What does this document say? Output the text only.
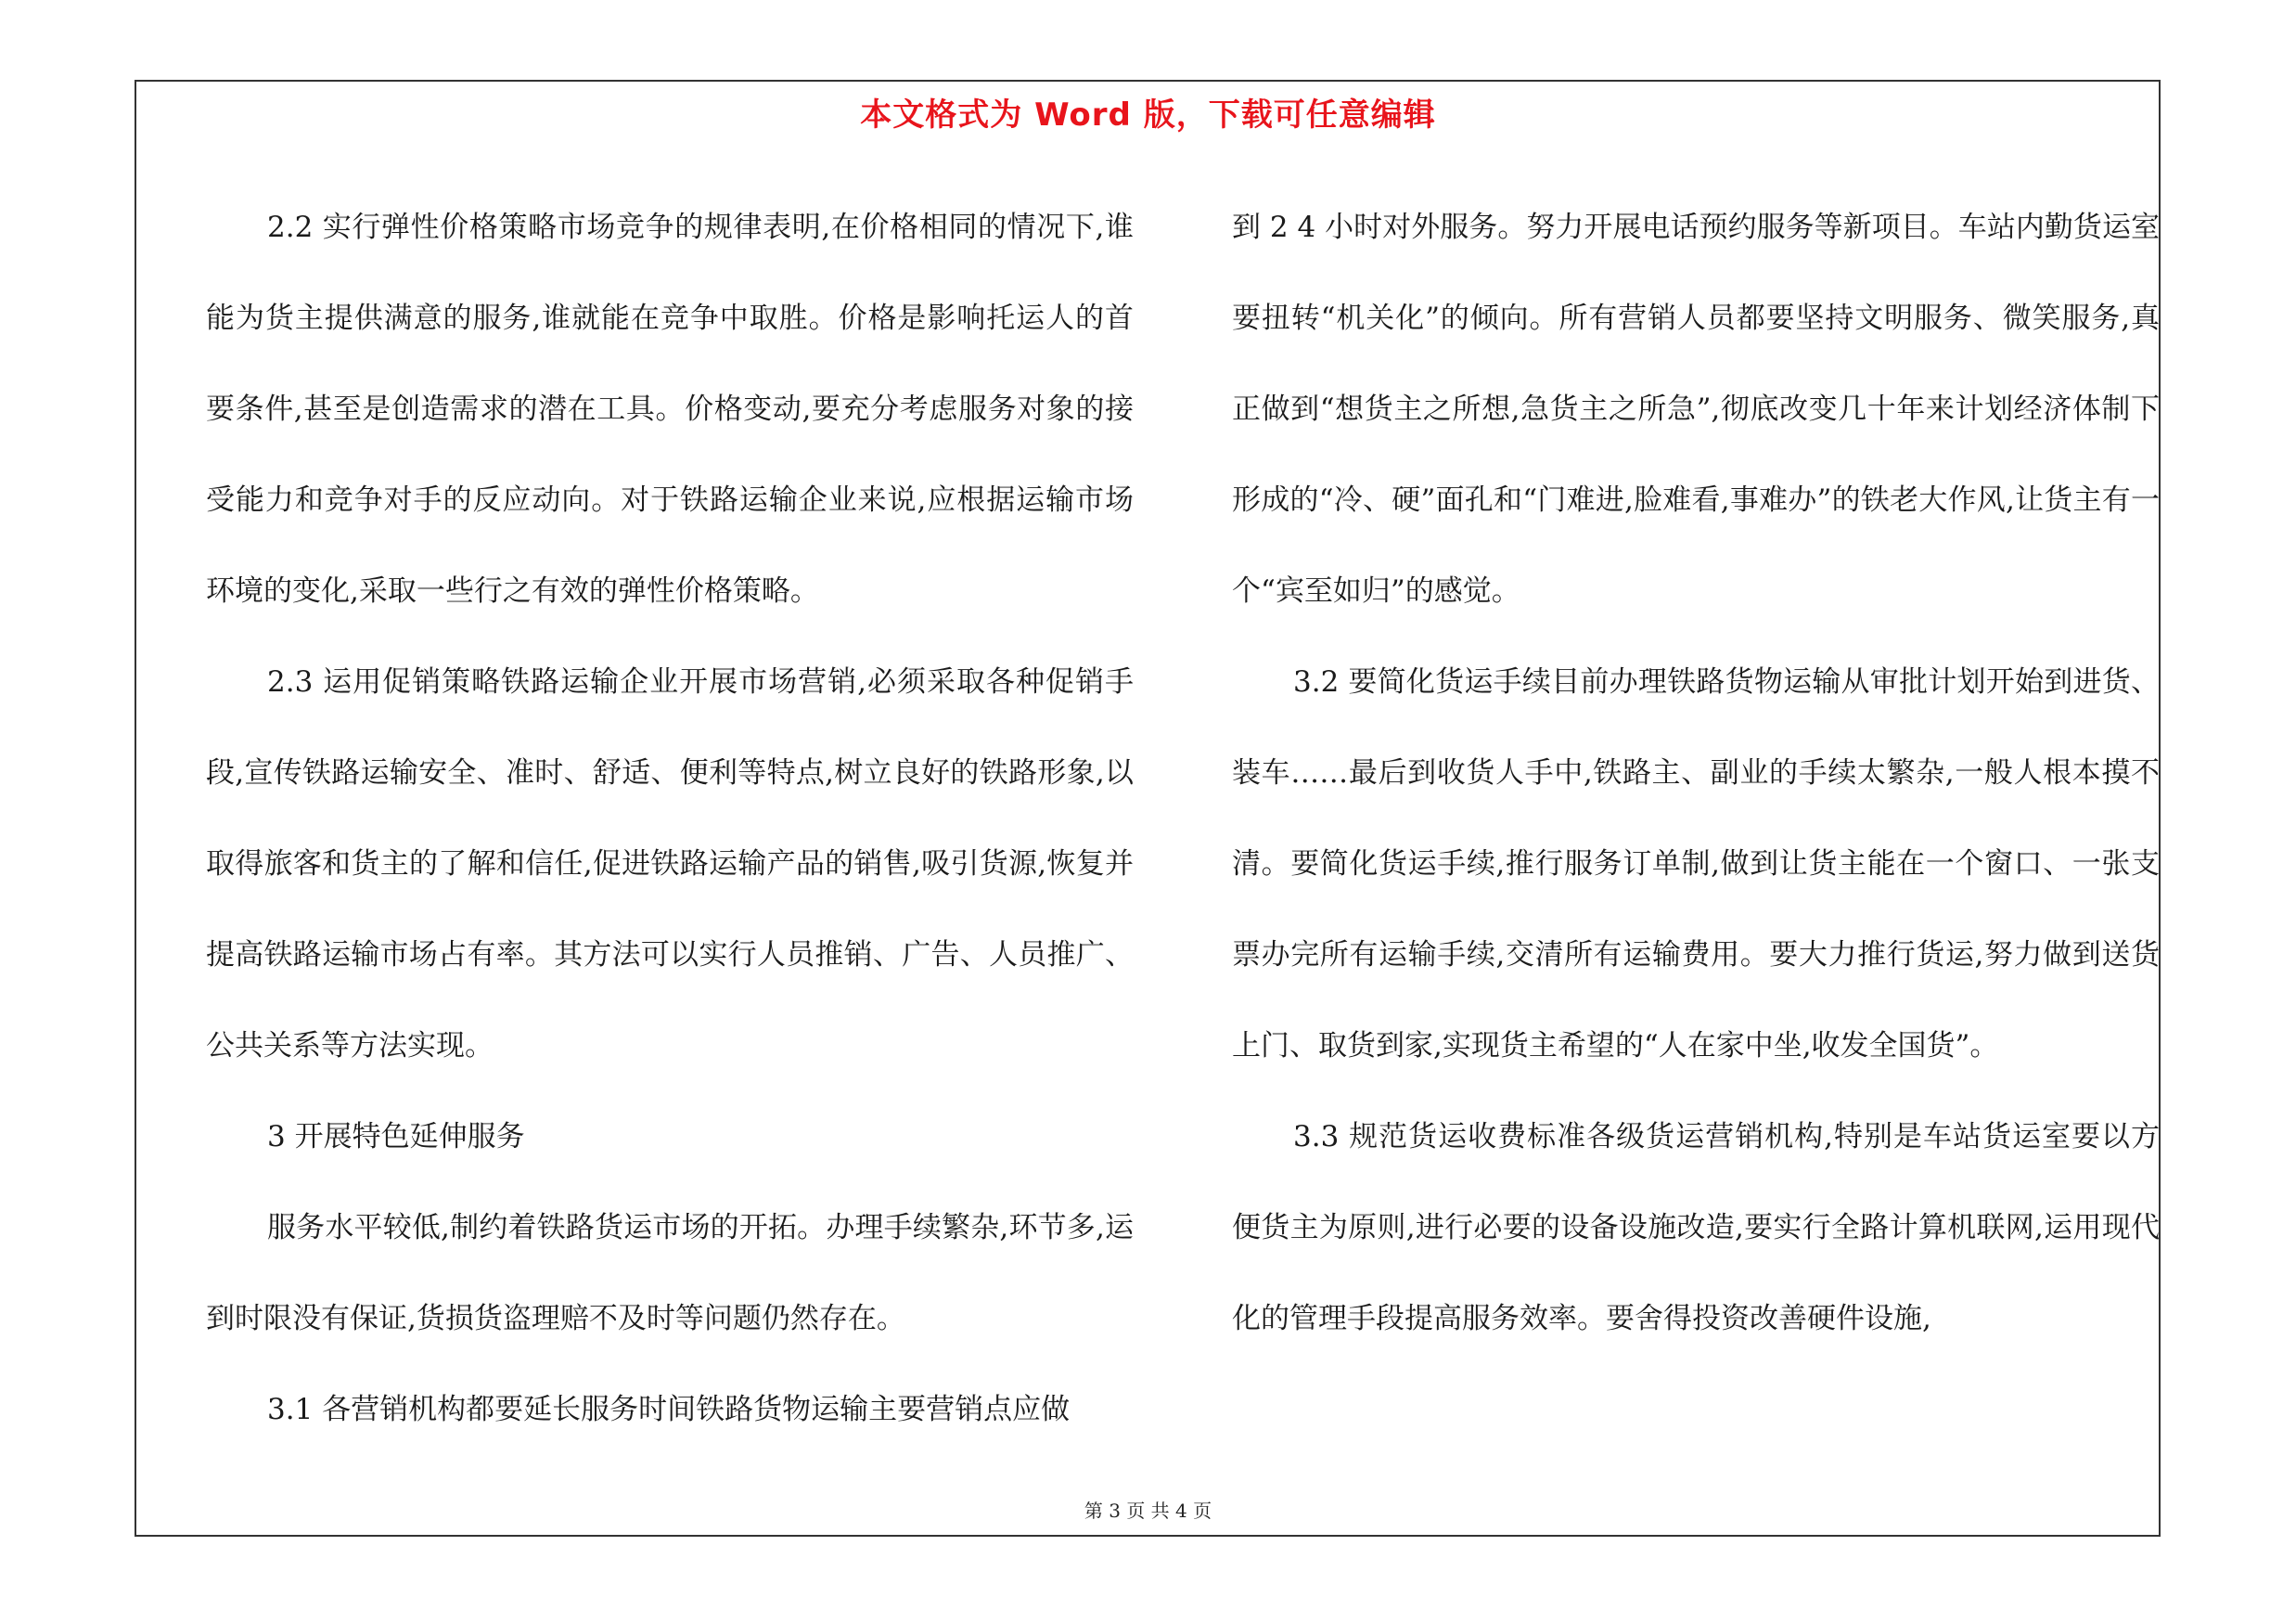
本文格式为 Word 版，下载可任意编辑

2.2 实行弹性价格策略市场竞争的规律表明,在价格相同的情况下,谁能为货主提供满意的服务,谁就能在竞争中取胜。价格是影响托运人的首要条件,甚至是创造需求的潜在工具。价格变动,要充分考虑服务对象的接受能力和竞争对手的反应动向。对于铁路运输企业来说,应根据运输市场环境的变化,采取一些行之有效的弹性价格策略。

2.3 运用促销策略铁路运输企业开展市场营销,必须采取各种促销手段,宣传铁路运输安全、准时、舒适、便利等特点,树立良好的铁路形象,以取得旅客和货主的了解和信任,促进铁路运输产品的销售,吸引货源,恢复并提高铁路运输市场占有率。其方法可以实行人员推销、广告、人员推广、公共关系等方法实现。

3 开展特色延伸服务

服务水平较低,制约着铁路货运市场的开拓。办理手续繁杂,环节多,运到时限没有保证,货损货盗理赔不及时等问题仍然存在。

3.1 各营销机构都要延长服务时间铁路货物运输主要营销点应做

到 2 4 小时对外服务。努力开展电话预约服务等新项目。车站内勤货运室要扭转“机关化”的倾向。所有营销人员都要坚持文明服务、微笑服务,真正做到“想货主之所想,急货主之所急”,彻底改变几十年来计划经济体制下形成的“冷、硬”面孔和“门难进,脸难看,事难办”的铁老大作风,让货主有一个“宾至如归”的感觉。

3.2 要简化货运手续目前办理铁路货物运输从审批计划开始到进货、装车……最后到收货人手中,铁路主、副业的手续太繁杂,一般人根本摸不清。要简化货运手续,推行服务订单制,做到让货主能在一个窗口、一张支票办完所有运输手续,交清所有运输费用。要大力推行货运,努力做到送货上门、取货到家,实现货主希望的“人在家中坐,收发全国货”。

3.3 规范货运收费标准各级货运营销机构,特别是车站货运室要以方便货主为原则,进行必要的设备设施改造,要实行全路计算机联网,运用现代化的管理手段提高服务效率。要舍得投资改善硬件设施,

第 3 页 共 4 页
